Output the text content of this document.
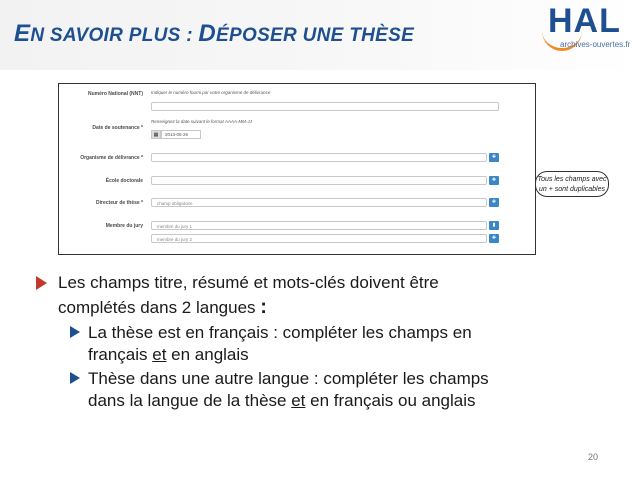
EN SAVOIR PLUS : DÉPOSER UNE THÈSE	HAL
archives-ouvertes.fr
Numéro National (NNT) Indiquer le numéro fourni par votre organisme de délivrance
Date de soutenance *
Renseignez la date suivant le format AAAA-MM-JJ
▦	2013-05-26
Organisme de délivrance *	✚
École doctorale	✚
Directeur de thèse *	champ obligatoire	✚
Membre du jury	membre du jury 1	▮
membre du jury 2	✚
Tous les champs avec
un + sont duplicables
Les champs titre, résumé et mots-clés doivent être
complétés dans 2 langues :
La thèse est en français : compléter les champs en
français et en anglais
Thèse dans une autre langue : compléter les champs
dans la langue de la thèse et en français ou anglais
20
